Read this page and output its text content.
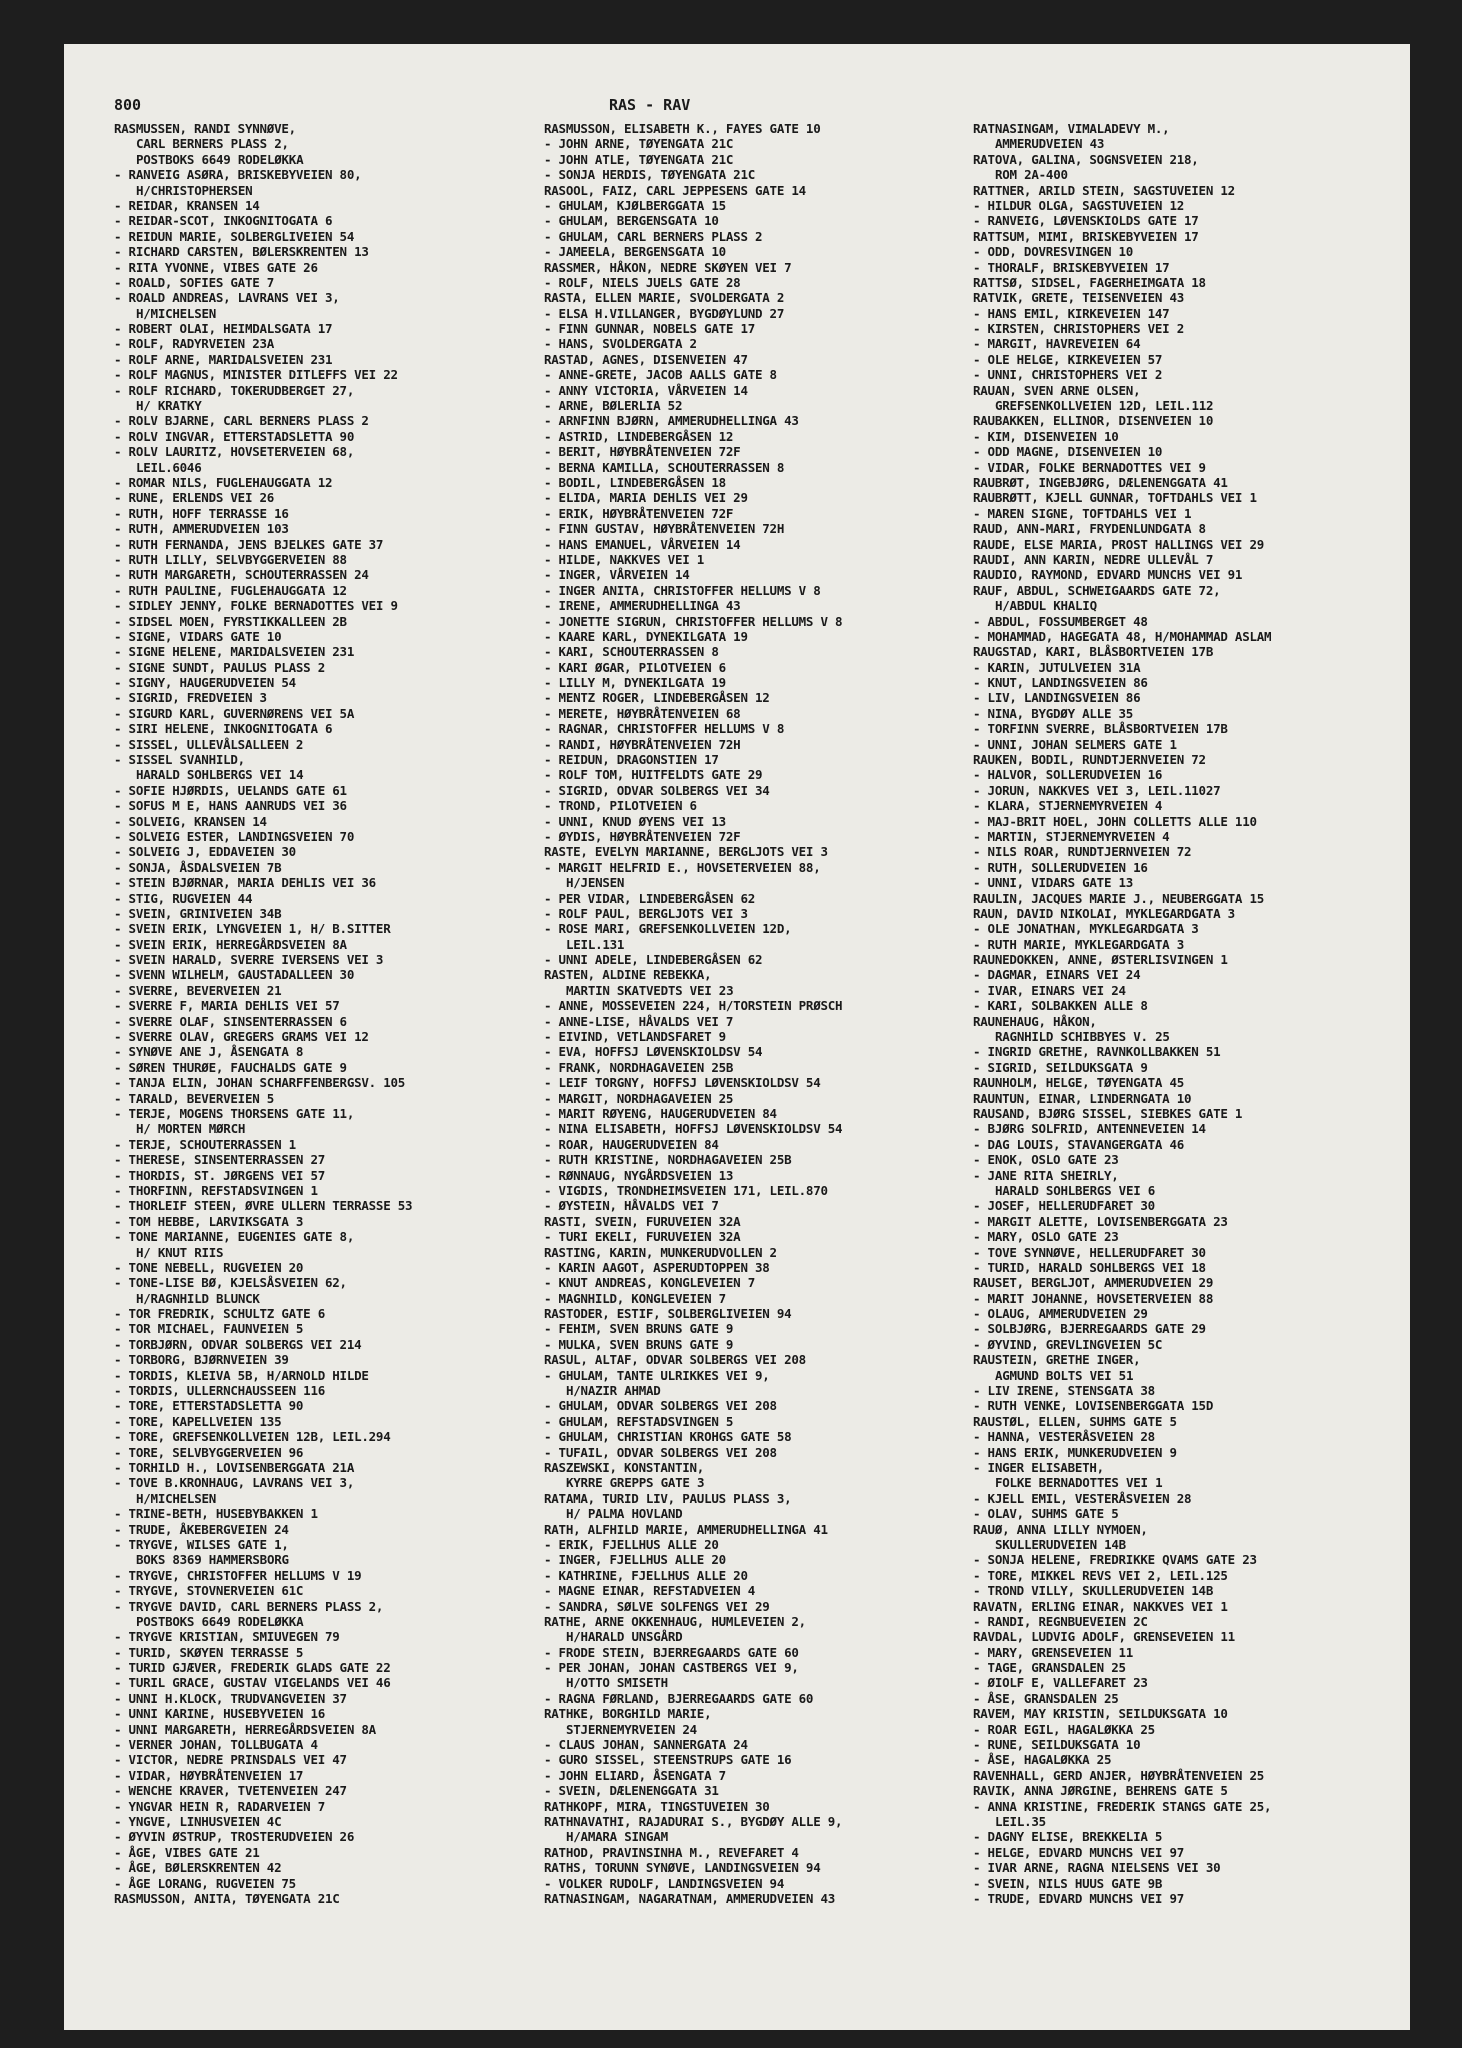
800	RAS - RAV
RASMUSSEN, RANDI SYNNØVE,
CARL BERNERS PLASS 2,
POSTBOKS 6649 RODELØKKA
- RANVEIG ASØRA, BRISKEBYVEIEN 80,
H/CHRISTOPHERSEN
- REIDAR, KRANSEN 14
- REIDAR-SCOT, INKOGNITOGATA 6
- REIDUN MARIE, SOLBERGLIVEIEN 54
- RICHARD CARSTEN, BØLERSKRENTEN 13
- RITA YVONNE, VIBES GATE 26
- ROALD, SOFIES GATE 7
- ROALD ANDREAS, LAVRANS VEI 3,
H/MICHELSEN
- ROBERT OLAI, HEIMDALSGATA 17
- ROLF, RADYRVEIEN 23A
- ROLF ARNE, MARIDALSVEIEN 231
- ROLF MAGNUS, MINISTER DITLEFFS VEI 22
- ROLF RICHARD, TOKERUDBERGET 27,
H/ KRATKY
- ROLV BJARNE, CARL BERNERS PLASS 2
- ROLV INGVAR, ETTERSTADSLETTA 90
- ROLV LAURITZ, HOVSETERVEIEN 68,
LEIL.6046
- ROMAR NILS, FUGLEHAUGGATA 12
- RUNE, ERLENDS VEI 26
- RUTH, HOFF TERRASSE 16
- RUTH, AMMERUDVEIEN 103
- RUTH FERNANDA, JENS BJELKES GATE 37
- RUTH LILLY, SELVBYGGERVEIEN 88
- RUTH MARGARETH, SCHOUTERRASSEN 24
- RUTH PAULINE, FUGLEHAUGGATA 12
- SIDLEY JENNY, FOLKE BERNADOTTES VEI 9
- SIDSEL MOEN, FYRSTIKKALLEEN 2B
- SIGNE, VIDARS GATE 10
- SIGNE HELENE, MARIDALSVEIEN 231
- SIGNE SUNDT, PAULUS PLASS 2
- SIGNY, HAUGERUDVEIEN 54
- SIGRID, FREDVEIEN 3
- SIGURD KARL, GUVERNØRENS VEI 5A
- SIRI HELENE, INKOGNITOGATA 6
- SISSEL, ULLEVÅLSALLEEN 2
- SISSEL SVANHILD,
HARALD SOHLBERGS VEI 14
- SOFIE HJØRDIS, UELANDS GATE 61
- SOFUS M E, HANS AANRUDS VEI 36
- SOLVEIG, KRANSEN 14
- SOLVEIG ESTER, LANDINGSVEIEN 70
- SOLVEIG J, EDDAVEIEN 30
- SONJA, ÅSDALSVEIEN 7B
- STEIN BJØRNAR, MARIA DEHLIS VEI 36
- STIG, RUGVEIEN 44
- SVEIN, GRINIVEIEN 34B
- SVEIN ERIK, LYNGVEIEN 1, H/ B.SITTER
- SVEIN ERIK, HERREGÅRDSVEIEN 8A
- SVEIN HARALD, SVERRE IVERSENS VEI 3
- SVENN WILHELM, GAUSTADALLEEN 30
- SVERRE, BEVERVEIEN 21
- SVERRE F, MARIA DEHLIS VEI 57
- SVERRE OLAF, SINSENTERRASSEN 6
- SVERRE OLAV, GREGERS GRAMS VEI 12
- SYNØVE ANE J, ÅSENGATA 8
- SØREN THURØE, FAUCHALDS GATE 9
- TANJA ELIN, JOHAN SCHARFFENBERGSV. 105
- TARALD, BEVERVEIEN 5
- TERJE, MOGENS THORSENS GATE 11,
H/ MORTEN MØRCH
- TERJE, SCHOUTERRASSEN 1
- THERESE, SINSENTERRASSEN 27
- THORDIS, ST. JØRGENS VEI 57
- THORFINN, REFSTADSVINGEN 1
- THORLEIF STEEN, ØVRE ULLERN TERRASSE 53
- TOM HEBBE, LARVIKSGATA 3
- TONE MARIANNE, EUGENIES GATE 8,
H/ KNUT RIIS
- TONE NEBELL, RUGVEIEN 20
- TONE-LISE BØ, KJELSÅSVEIEN 62,
H/RAGNHILD BLUNCK
- TOR FREDRIK, SCHULTZ GATE 6
- TOR MICHAEL, FAUNVEIEN 5
- TORBJØRN, ODVAR SOLBERGS VEI 214
- TORBORG, BJØRNVEIEN 39
- TORDIS, KLEIVA 5B, H/ARNOLD HILDE
- TORDIS, ULLERNCHAUSSEEN 116
- TORE, ETTERSTADSLETTA 90
- TORE, KAPELLVEIEN 135
- TORE, GREFSENKOLLVEIEN 12B, LEIL.294
- TORE, SELVBYGGERVEIEN 96
- TORHILD H., LOVISENBERGGATA 21A
- TOVE B.KRONHAUG, LAVRANS VEI 3,
H/MICHELSEN
- TRINE-BETH, HUSEBYBAKKEN 1
- TRUDE, ÅKEBERGVEIEN 24
- TRYGVE, WILSES GATE 1,
BOKS 8369 HAMMERSBORG
- TRYGVE, CHRISTOFFER HELLUMS V 19
- TRYGVE, STOVNERVEIEN 61C
- TRYGVE DAVID, CARL BERNERS PLASS 2,
POSTBOKS 6649 RODELØKKA
- TRYGVE KRISTIAN, SMIUVEGEN 79
- TURID, SKØYEN TERRASSE 5
- TURID GJÆVER, FREDERIK GLADS GATE 22
- TURIL GRACE, GUSTAV VIGELANDS VEI 46
- UNNI H.KLOCK, TRUDVANGVEIEN 37
- UNNI KARINE, HUSEBYVEIEN 16
- UNNI MARGARETH, HERREGÅRDSVEIEN 8A
- VERNER JOHAN, TOLLBUGATA 4
- VICTOR, NEDRE PRINSDALS VEI 47
- VIDAR, HØYBRÅTENVEIEN 17
- WENCHE KRAVER, TVETENVEIEN 247
- YNGVAR HEIN R, RADARVEIEN 7
- YNGVE, LINHUSVEIEN 4C
- ØYVIN ØSTRUP, TROSTERUDVEIEN 26
- ÅGE, VIBES GATE 21
- ÅGE, BØLERSKRENTEN 42
- ÅGE LORANG, RUGVEIEN 75
RASMUSSON, ANITA, TØYENGATA 21C
RASMUSSON, ELISABETH K., FAYES GATE 10
- JOHN ARNE, TØYENGATA 21C
- JOHN ATLE, TØYENGATA 21C
- SONJA HERDIS, TØYENGATA 21C
RASOOL, FAIZ, CARL JEPPESENS GATE 14
- GHULAM, KJØLBERGGATA 15
- GHULAM, BERGENSGATA 10
- GHULAM, CARL BERNERS PLASS 2
- JAMEELA, BERGENSGATA 10
RASSMER, HÅKON, NEDRE SKØYEN VEI 7
- ROLF, NIELS JUELS GATE 28
RASTA, ELLEN MARIE, SVOLDERGATA 2
- ELSA H.VILLANGER, BYGDØYLUND 27
- FINN GUNNAR, NOBELS GATE 17
- HANS, SVOLDERGATA 2
RASTAD, AGNES, DISENVEIEN 47
- ANNE-GRETE, JACOB AALLS GATE 8
- ANNY VICTORIA, VÅRVEIEN 14
- ARNE, BØLERLIA 52
- ARNFINN BJØRN, AMMERUDHELLINGA 43
- ASTRID, LINDEBERGÅSEN 12
- BERIT, HØYBRÅTENVEIEN 72F
- BERNA KAMILLA, SCHOUTERRASSEN 8
- BODIL, LINDEBERGÅSEN 18
- ELIDA, MARIA DEHLIS VEI 29
- ERIK, HØYBRÅTENVEIEN 72F
- FINN GUSTAV, HØYBRÅTENVEIEN 72H
- HANS EMANUEL, VÅRVEIEN 14
- HILDE, NAKKVES VEI 1
- INGER, VÅRVEIEN 14
- INGER ANITA, CHRISTOFFER HELLUMS V 8
- IRENE, AMMERUDHELLINGA 43
- JONETTE SIGRUN, CHRISTOFFER HELLUMS V 8
- KAARE KARL, DYNEKILGATA 19
- KARI, SCHOUTERRASSEN 8
- KARI ØGAR, PILOTVEIEN 6
- LILLY M, DYNEKILGATA 19
- MENTZ ROGER, LINDEBERGÅSEN 12
- MERETE, HØYBRÅTENVEIEN 68
- RAGNAR, CHRISTOFFER HELLUMS V 8
- RANDI, HØYBRÅTENVEIEN 72H
- REIDUN, DRAGONSTIEN 17
- ROLF TOM, HUITFELDTS GATE 29
- SIGRID, ODVAR SOLBERGS VEI 34
- TROND, PILOTVEIEN 6
- UNNI, KNUD ØYENS VEI 13
- ØYDIS, HØYBRÅTENVEIEN 72F
RASTE, EVELYN MARIANNE, BERGLJOTS VEI 3
- MARGIT HELFRID E., HOVSETERVEIEN 88,
H/JENSEN
- PER VIDAR, LINDEBERGÅSEN 62
- ROLF PAUL, BERGLJOTS VEI 3
- ROSE MARI, GREFSENKOLLVEIEN 12D,
LEIL.131
- UNNI ADELE, LINDEBERGÅSEN 62
RASTEN, ALDINE REBEKKA,
MARTIN SKATVEDTS VEI 23
- ANNE, MOSSEVEIEN 224, H/TORSTEIN PRØSCH
- ANNE-LISE, HÅVALDS VEI 7
- EIVIND, VETLANDSFARET 9
- EVA, HOFFSJ LØVENSKIOLDSV 54
- FRANK, NORDHAGAVEIEN 25B
- LEIF TORGNY, HOFFSJ LØVENSKIOLDSV 54
- MARGIT, NORDHAGAVEIEN 25
- MARIT RØYENG, HAUGERUDVEIEN 84
- NINA ELISABETH, HOFFSJ LØVENSKIOLDSV 54
- ROAR, HAUGERUDVEIEN 84
- RUTH KRISTINE, NORDHAGAVEIEN 25B
- RØNNAUG, NYGÅRDSVEIEN 13
- VIGDIS, TRONDHEIMSVEIEN 171, LEIL.870
- ØYSTEIN, HÅVALDS VEI 7
RASTI, SVEIN, FURUVEIEN 32A
- TURI EKELI, FURUVEIEN 32A
RASTING, KARIN, MUNKERUDVOLLEN 2
- KARIN AAGOT, ASPERUDTOPPEN 38
- KNUT ANDREAS, KONGLEVEIEN 7
- MAGNHILD, KONGLEVEIEN 7
RASTODER, ESTIF, SOLBERGLIVEIEN 94
- FEHIM, SVEN BRUNS GATE 9
- MULKA, SVEN BRUNS GATE 9
RASUL, ALTAF, ODVAR SOLBERGS VEI 208
- GHULAM, TANTE ULRIKKES VEI 9,
H/NAZIR AHMAD
- GHULAM, ODVAR SOLBERGS VEI 208
- GHULAM, REFSTADSVINGEN 5
- GHULAM, CHRISTIAN KROHGS GATE 58
- TUFAIL, ODVAR SOLBERGS VEI 208
RASZEWSKI, KONSTANTIN,
KYRRE GREPPS GATE 3
RATAMA, TURID LIV, PAULUS PLASS 3,
H/ PALMA HOVLAND
RATH, ALFHILD MARIE, AMMERUDHELLINGA 41
- ERIK, FJELLHUS ALLE 20
- INGER, FJELLHUS ALLE 20
- KATHRINE, FJELLHUS ALLE 20
- MAGNE EINAR, REFSTADVEIEN 4
- SANDRA, SØLVE SOLFENGS VEI 29
RATHE, ARNE OKKENHAUG, HUMLEVEIEN 2,
H/HARALD UNSGÅRD
- FRODE STEIN, BJERREGAARDS GATE 60
- PER JOHAN, JOHAN CASTBERGS VEI 9,
H/OTTO SMISETH
- RAGNA FØRLAND, BJERREGAARDS GATE 60
RATHKE, BORGHILD MARIE,
STJERNEMYRVEIEN 24
- CLAUS JOHAN, SANNERGATA 24
- GURO SISSEL, STEENSTRUPS GATE 16
- JOHN ELIARD, ÅSENGATA 7
- SVEIN, DÆLENENGGATA 31
RATHKOPF, MIRA, TINGSTUVEIEN 30
RATHNAVATHI, RAJADURAI S., BYGDØY ALLE 9,
H/AMARA SINGAM
RATHOD, PRAVINSINHA M., REVEFARET 4
RATHS, TORUNN SYNØVE, LANDINGSVEIEN 94
- VOLKER RUDOLF, LANDINGSVEIEN 94
RATNASINGAM, NAGARATNAM, AMMERUDVEIEN 43
RATNASINGAM, VIMALADEVY M.,
AMMERUDVEIEN 43
RATOVA, GALINA, SOGNSVEIEN 218,
ROM 2A-400
RATTNER, ARILD STEIN, SAGSTUVEIEN 12
- HILDUR OLGA, SAGSTUVEIEN 12
- RANVEIG, LØVENSKIOLDS GATE 17
RATTSUM, MIMI, BRISKEBYVEIEN 17
- ODD, DOVRESVINGEN 10
- THORALF, BRISKEBYVEIEN 17
RATTSØ, SIDSEL, FAGERHEIMGATA 18
RATVIK, GRETE, TEISENVEIEN 43
- HANS EMIL, KIRKEVEIEN 147
- KIRSTEN, CHRISTOPHERS VEI 2
- MARGIT, HAVREVEIEN 64
- OLE HELGE, KIRKEVEIEN 57
- UNNI, CHRISTOPHERS VEI 2
RAUAN, SVEN ARNE OLSEN,
GREFSENKOLLVEIEN 12D, LEIL.112
RAUBAKKEN, ELLINOR, DISENVEIEN 10
- KIM, DISENVEIEN 10
- ODD MAGNE, DISENVEIEN 10
- VIDAR, FOLKE BERNADOTTES VEI 9
RAUBRØT, INGEBJØRG, DÆLENENGGATA 41
RAUBRØTT, KJELL GUNNAR, TOFTDAHLS VEI 1
- MAREN SIGNE, TOFTDAHLS VEI 1
RAUD, ANN-MARI, FRYDENLUNDGATA 8
RAUDE, ELSE MARIA, PROST HALLINGS VEI 29
RAUDI, ANN KARIN, NEDRE ULLEVÅL 7
RAUDIO, RAYMOND, EDVARD MUNCHS VEI 91
RAUF, ABDUL, SCHWEIGAARDS GATE 72,
H/ABDUL KHALIQ
- ABDUL, FOSSUMBERGET 48
- MOHAMMAD, HAGEGATA 48, H/MOHAMMAD ASLAM
RAUGSTAD, KARI, BLÅSBORTVEIEN 17B
- KARIN, JUTULVEIEN 31A
- KNUT, LANDINGSVEIEN 86
- LIV, LANDINGSVEIEN 86
- NINA, BYGDØY ALLE 35
- TORFINN SVERRE, BLÅSBORTVEIEN 17B
- UNNI, JOHAN SELMERS GATE 1
RAUKEN, BODIL, RUNDTJERNVEIEN 72
- HALVOR, SOLLERUDVEIEN 16
- JORUN, NAKKVES VEI 3, LEIL.11027
- KLARA, STJERNEMYRVEIEN 4
- MAJ-BRIT HOEL, JOHN COLLETTS ALLE 110
- MARTIN, STJERNEMYRVEIEN 4
- NILS ROAR, RUNDTJERNVEIEN 72
- RUTH, SOLLERUDVEIEN 16
- UNNI, VIDARS GATE 13
RAULIN, JACQUES MARIE J., NEUBERGGATA 15
RAUN, DAVID NIKOLAI, MYKLEGARDGATA 3
- OLE JONATHAN, MYKLEGARDGATA 3
- RUTH MARIE, MYKLEGARDGATA 3
RAUNEDOKKEN, ANNE, ØSTERLISVINGEN 1
- DAGMAR, EINARS VEI 24
- IVAR, EINARS VEI 24
- KARI, SOLBAKKEN ALLE 8
RAUNEHAUG, HÅKON,
RAGNHILD SCHIBBYES V. 25
- INGRID GRETHE, RAVNKOLLBAKKEN 51
- SIGRID, SEILDUKSGATA 9
RAUNHOLM, HELGE, TØYENGATA 45
RAUNTUN, EINAR, LINDERNGATA 10
RAUSAND, BJØRG SISSEL, SIEBKES GATE 1
- BJØRG SOLFRID, ANTENNEVEIEN 14
- DAG LOUIS, STAVANGERGATA 46
- ENOK, OSLO GATE 23
- JANE RITA SHEIRLY,
HARALD SOHLBERGS VEI 6
- JOSEF, HELLERUDFARET 30
- MARGIT ALETTE, LOVISENBERGGATA 23
- MARY, OSLO GATE 23
- TOVE SYNNØVE, HELLERUDFARET 30
- TURID, HARALD SOHLBERGS VEI 18
RAUSET, BERGLJOT, AMMERUDVEIEN 29
- MARIT JOHANNE, HOVSETERVEIEN 88
- OLAUG, AMMERUDVEIEN 29
- SOLBJØRG, BJERREGAARDS GATE 29
- ØYVIND, GREVLINGVEIEN 5C
RAUSTEIN, GRETHE INGER,
AGMUND BOLTS VEI 51
- LIV IRENE, STENSGATA 38
- RUTH VENKE, LOVISENBERGGATA 15D
RAUSTØL, ELLEN, SUHMS GATE 5
- HANNA, VESTERÅSVEIEN 28
- HANS ERIK, MUNKERUDVEIEN 9
- INGER ELISABETH,
FOLKE BERNADOTTES VEI 1
- KJELL EMIL, VESTERÅSVEIEN 28
- OLAV, SUHMS GATE 5
RAUØ, ANNA LILLY NYMOEN,
SKULLERUDVEIEN 14B
- SONJA HELENE, FREDRIKKE QVAMS GATE 23
- TORE, MIKKEL REVS VEI 2, LEIL.125
- TROND VILLY, SKULLERUDVEIEN 14B
RAVATN, ERLING EINAR, NAKKVES VEI 1
- RANDI, REGNBUEVEIEN 2C
RAVDAL, LUDVIG ADOLF, GRENSEVEIEN 11
- MARY, GRENSEVEIEN 11
- TAGE, GRANSDALEN 25
- ØIOLF E, VALLEFARET 23
- ÅSE, GRANSDALEN 25
RAVEM, MAY KRISTIN, SEILDUKSGATA 10
- ROAR EGIL, HAGALØKKA 25
- RUNE, SEILDUKSGATA 10
- ÅSE, HAGALØKKA 25
RAVENHALL, GERD ANJER, HØYBRÅTENVEIEN 25
RAVIK, ANNA JØRGINE, BEHRENS GATE 5
- ANNA KRISTINE, FREDERIK STANGS GATE 25,
LEIL.35
- DAGNY ELISE, BREKKELIA 5
- HELGE, EDVARD MUNCHS VEI 97
- IVAR ARNE, RAGNA NIELSENS VEI 30
- SVEIN, NILS HUUS GATE 9B
- TRUDE, EDVARD MUNCHS VEI 97
